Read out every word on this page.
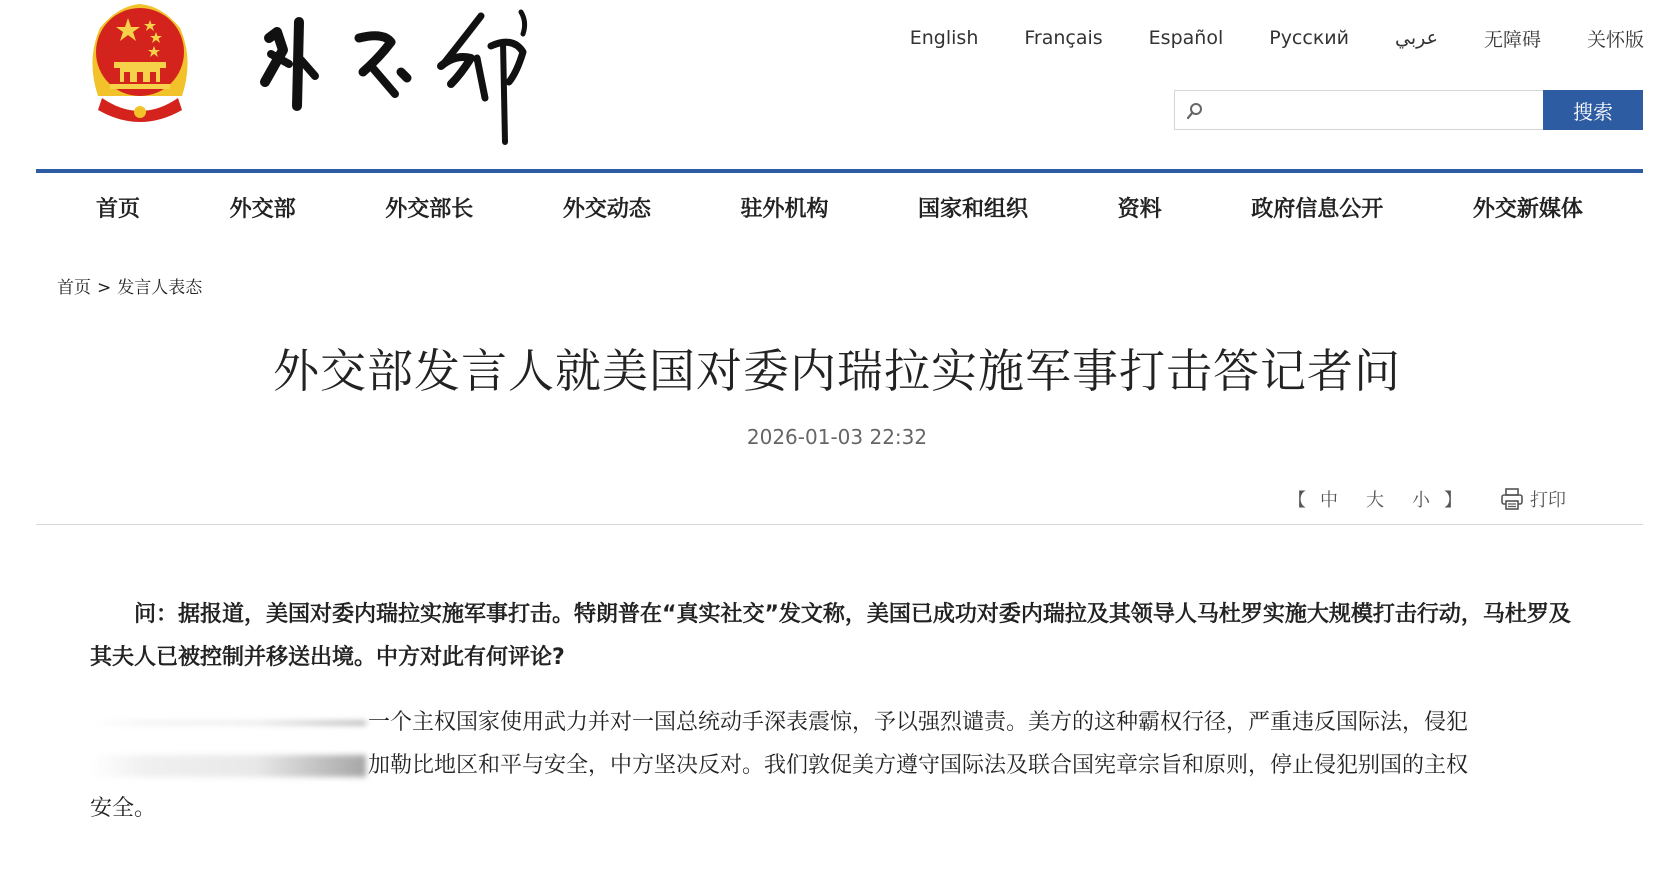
English Français Español Русский عربي 无障碍 关怀版
搜索
首页	外交部	外交部长	外交动态	驻外机构	国家和组织	资料	政府信息公开	外交新媒体
首页 > 发言人表态
外交部发言人就美国对委内瑞拉实施军事打击答记者问
2026-01-03 22:32
【 中 大 小 】	打印

问：据报道，美国对委内瑞拉实施军事打击。特朗普在“真实社交”发文称，美国已成功对委内瑞拉及其领导人马杜罗实施大规模打击行动，马杜罗及其夫人已被控制并移送出境。中方对此有何评论?

一个主权国家使用武力并对一国总统动手深表震惊，予以强烈谴责。美方的这种霸权行径，严重违反国际法，侵犯
加勒比地区和平与安全，中方坚决反对。我们敦促美方遵守国际法及联合国宪章宗旨和原则，停止侵犯别国的主权
安全。
